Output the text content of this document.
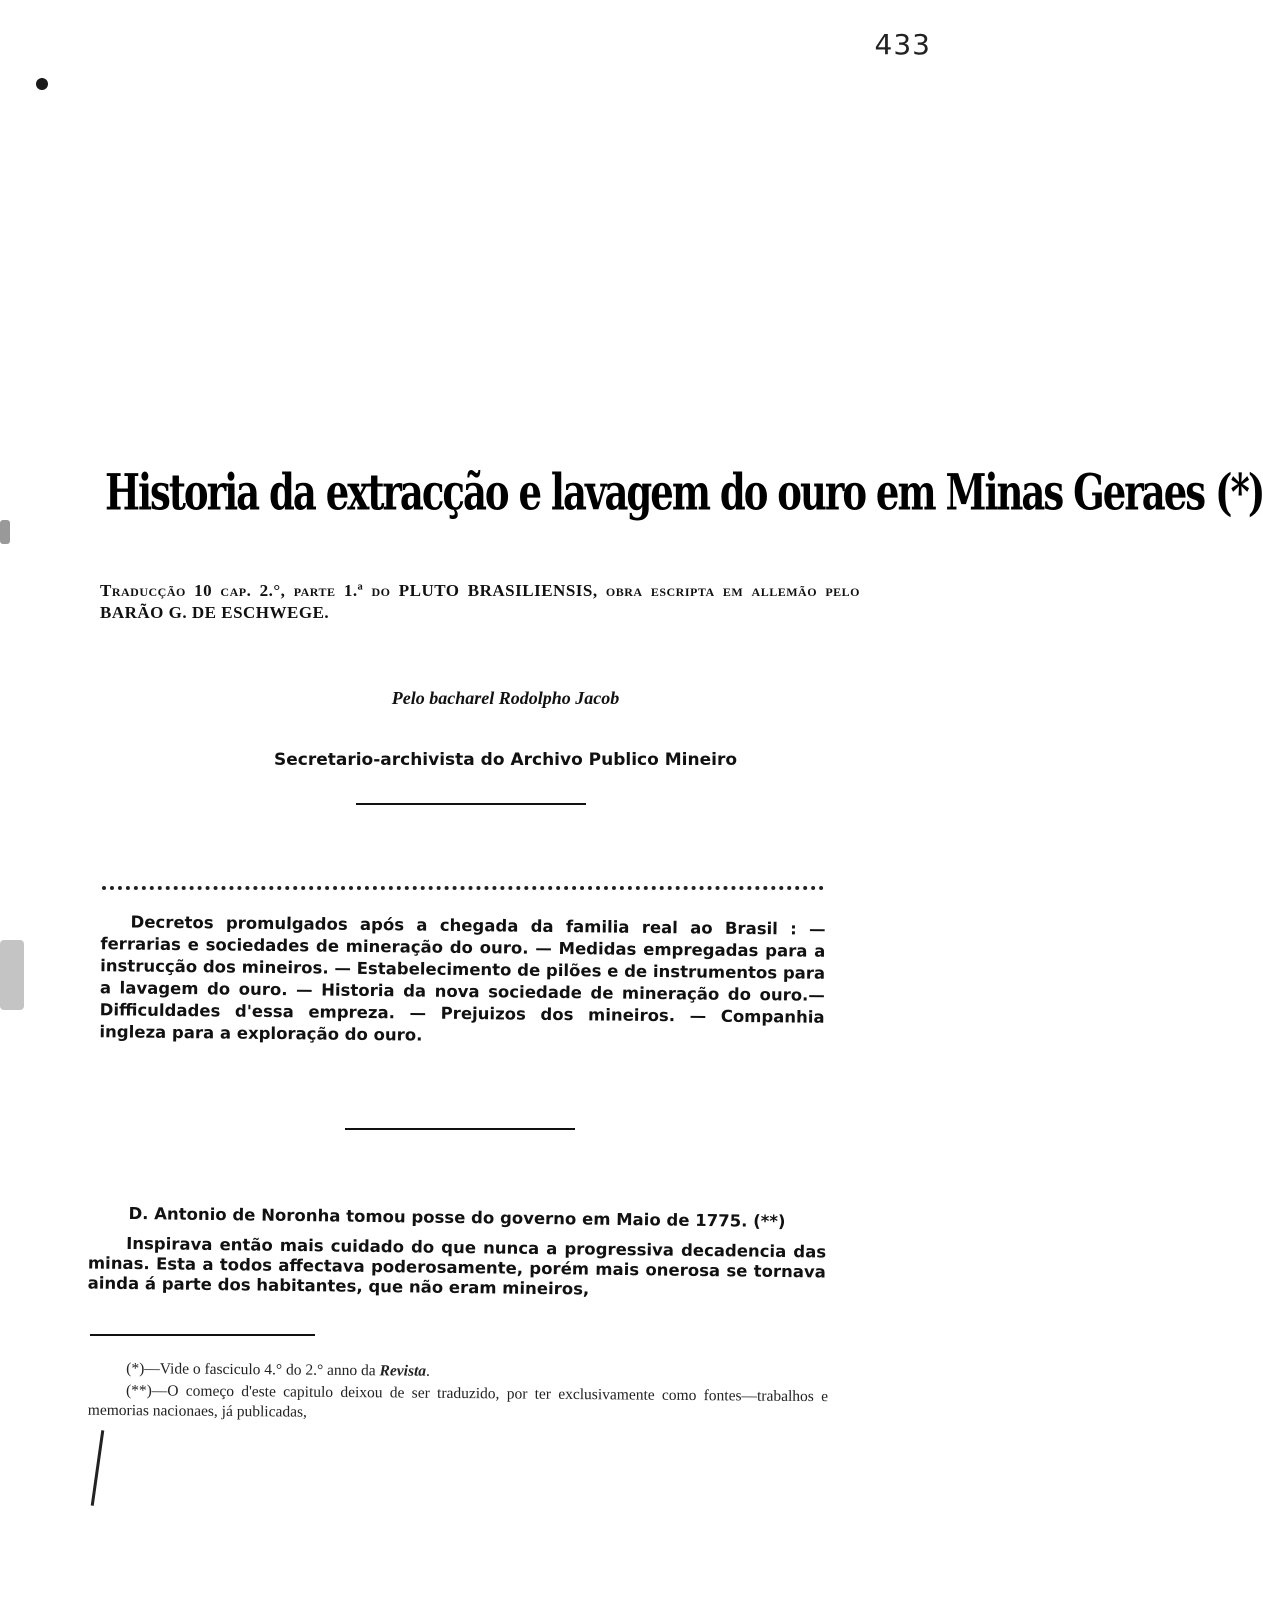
433
Historia da extracção e lavagem do ouro em Minas Geraes (*)
Traducção 10 cap. 2.°, parte 1.ª do PLUTO BRASILIENSIS, obra escripta em allemão pelo BARÃO G. DE ESCHWEGE.
Pelo bacharel Rodolpho Jacob
Secretario-archivista do Archivo Publico Mineiro
Decretos promulgados após a chegada da familia real ao Brasil : — ferrarias e sociedades de mineração do ouro. — Medidas empregadas para a instrucção dos mineiros. — Estabelecimento de pilões e de instrumentos para a lavagem do ouro. — Historia da nova sociedade de mineração do ouro.—Difficuldades d'essa empreza. — Prejuizos dos mineiros. — Companhia ingleza para a exploração do ouro.

D. Antonio de Noronha tomou posse do governo em Maio de 1775. (**)

Inspirava então mais cuidado do que nunca a progressiva decadencia das minas. Esta a todos affectava poderosamente, porém mais onerosa se tornava ainda á parte dos habitantes, que não eram mineiros,

(*)—Vide o fasciculo 4.° do 2.° anno da Revista.

(**)—O começo d'este capitulo deixou de ser traduzido, por ter exclusivamente como fontes—trabalhos e memorias nacionaes, já publicadas,
